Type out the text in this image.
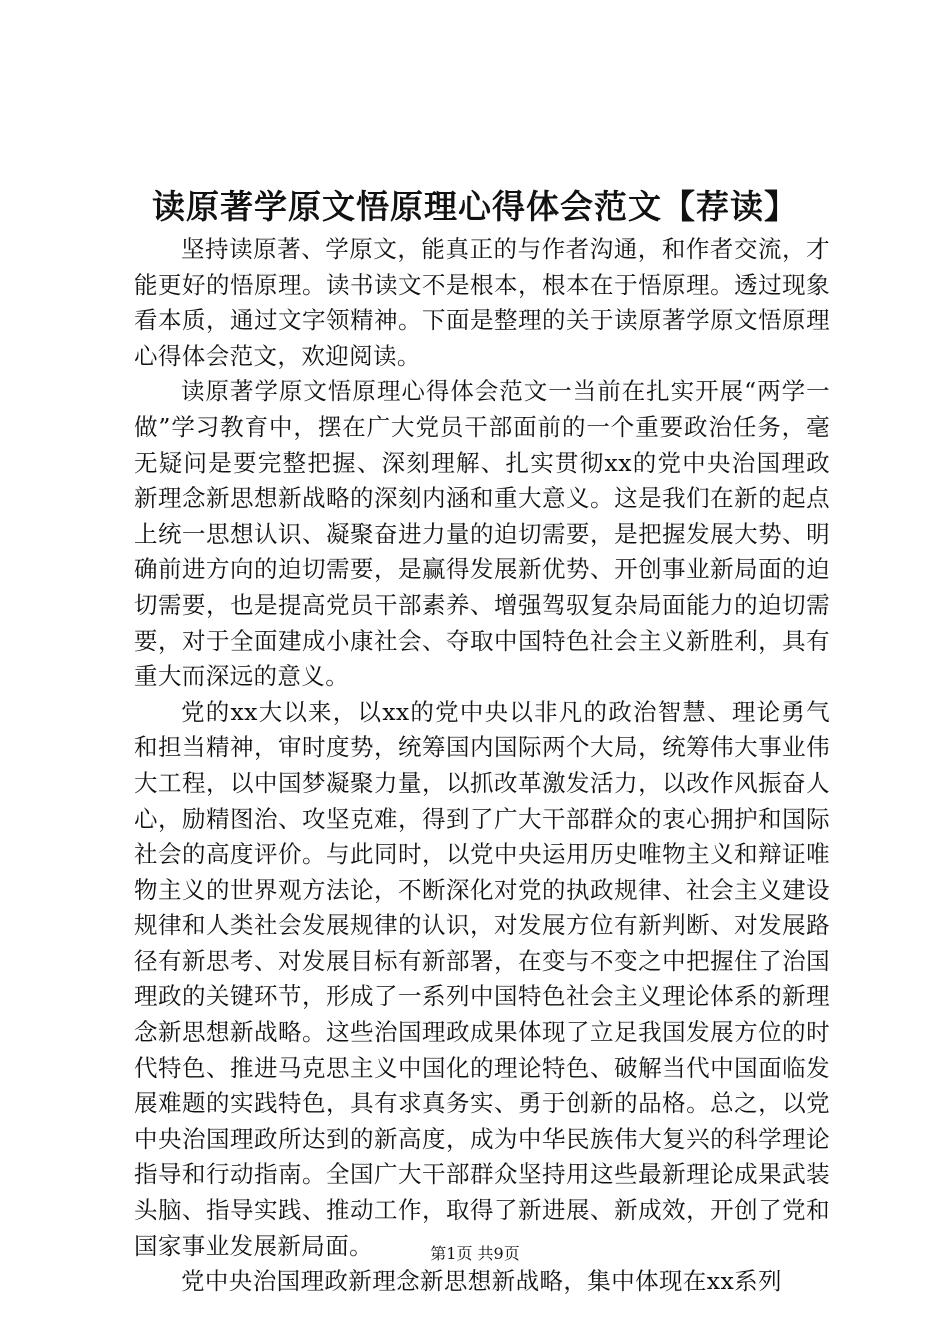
读原著学原文悟原理心得体会范文【荐读】

坚持读原著、学原文，能真正的与作者沟通，和作者交流，才能更好的悟原理。读书读文不是根本，根本在于悟原理。透过现象看本质，通过文字领精神。下面是整理的关于读原著学原文悟原理心得体会范文，欢迎阅读。

读原著学原文悟原理心得体会范文一当前在扎实开展“两学一做”学习教育中，摆在广大党员干部面前的一个重要政治任务，毫无疑问是要完整把握、深刻理解、扎实贯彻xx的党中央治国理政新理念新思想新战略的深刻内涵和重大意义。这是我们在新的起点上统一思想认识、凝聚奋进力量的迫切需要，是把握发展大势、明确前进方向的迫切需要，是赢得发展新优势、开创事业新局面的迫切需要，也是提高党员干部素养、增强驾驭复杂局面能力的迫切需要，对于全面建成小康社会、夺取中国特色社会主义新胜利，具有重大而深远的意义。

党的xx大以来，以xx的党中央以非凡的政治智慧、理论勇气和担当精神，审时度势，统筹国内国际两个大局，统筹伟大事业伟大工程，以中国梦凝聚力量，以抓改革激发活力，以改作风振奋人心，励精图治、攻坚克难，得到了广大干部群众的衷心拥护和国际社会的高度评价。与此同时，以党中央运用历史唯物主义和辩证唯物主义的世界观方法论，不断深化对党的执政规律、社会主义建设规律和人类社会发展规律的认识，对发展方位有新判断、对发展路径有新思考、对发展目标有新部署，在变与不变之中把握住了治国理政的关键环节，形成了一系列中国特色社会主义理论体系的新理念新思想新战略。这些治国理政成果体现了立足我国发展方位的时代特色、推进马克思主义中国化的理论特色、破解当代中国面临发展难题的实践特色，具有求真务实、勇于创新的品格。总之，以党中央治国理政所达到的新高度，成为中华民族伟大复兴的科学理论指导和行动指南。全国广大干部群众坚持用这些最新理论成果武装头脑、指导实践、推动工作，取得了新进展、新成效，开创了党和国家事业发展新局面。

党中央治国理政新理念新思想新战略，集中体现在xx系列

第1页 共9页
